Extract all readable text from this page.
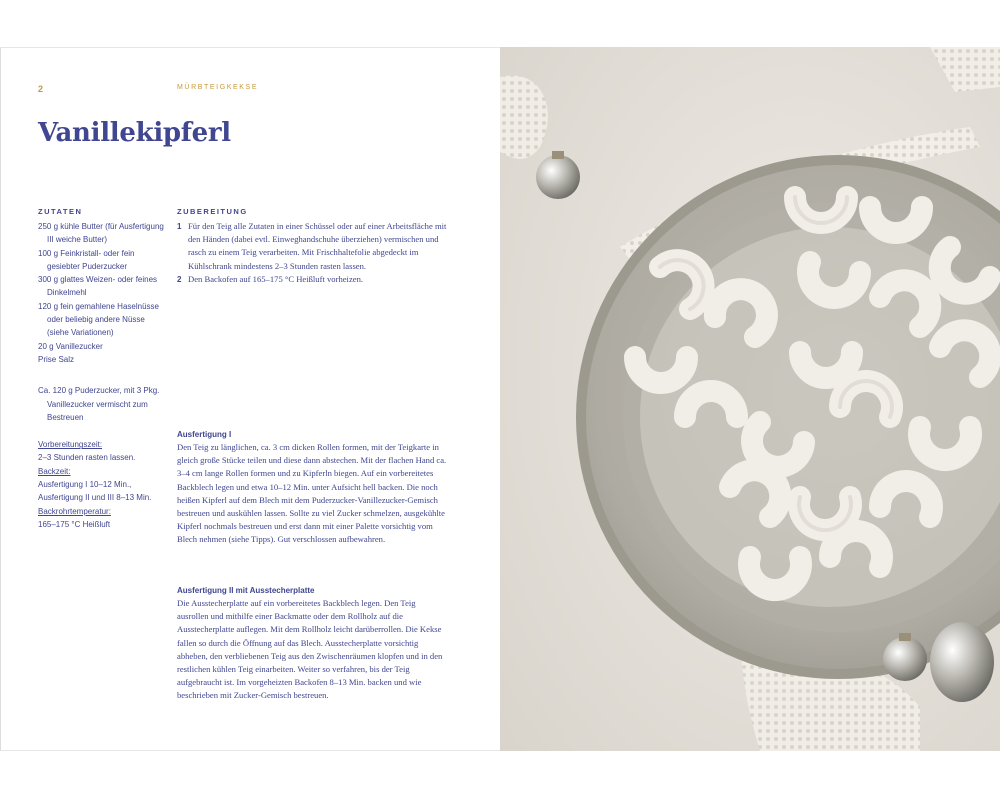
2	MÜRBTEIGKEKSE
Vanillekipferl
ZUTATEN
250 g kühle Butter (für Ausfertigung III weiche Butter)
100 g Feinkristall- oder fein gesiebter Puderzucker
300 g glattes Weizen- oder feines Dinkelmehl
120 g fein gemahlene Haselnüsse oder beliebig andere Nüsse (siehe Variationen)
20 g Vanillezucker
Prise Salz
Ca. 120 g Puderzucker, mit 3 Pkg. Vanillezucker vermischt zum Bestreuen
Vorbereitungszeit:
2–3 Stunden rasten lassen.
Backzeit:
Ausfertigung I 10–12 Min.,
Ausfertigung II und III 8–13 Min.
Backrohrtemperatur:
165–175 °C Heißluft
ZUBEREITUNG
1 Für den Teig alle Zutaten in einer Schüssel oder auf einer Arbeitsfläche mit den Händen (dabei evtl. Einweghandschuhe überziehen) vermischen und rasch zu einem Teig verarbeiten. Mit Frischhaltefolie abgedeckt im Kühlschrank mindestens 2–3 Stunden rasten lassen.
2 Den Backofen auf 165–175 °C Heißluft vorheizen.
Ausfertigung I
Den Teig zu länglichen, ca. 3 cm dicken Rollen formen, mit der Teigkarte in gleich große Stücke teilen und diese dann abstechen. Mit der flachen Hand ca. 3–4 cm lange Rollen formen und zu Kipferln biegen. Auf ein vorbereitetes Backblech legen und etwa 10–12 Min. unter Aufsicht hell backen. Die noch heißen Kipferl auf dem Blech mit dem Puderzucker-Vanillezucker-Gemisch bestreuen und auskühlen lassen. Sollte zu viel Zucker schmelzen, ausgekühlte Kipferl nochmals bestreuen und erst dann mit einer Palette vorsichtig vom Blech nehmen (siehe Tipps). Gut verschlossen aufbewahren.
Ausfertigung II mit Ausstecherplatte
Die Ausstecherplatte auf ein vorbereitetes Backblech legen. Den Teig ausrollen und mithilfe einer Backmatte oder dem Rollholz auf die Ausstecherplatte auflegen. Mit dem Rollholz leicht darüberrollen. Die Kekse fallen so durch die Öffnung auf das Blech. Ausstecherplatte vorsichtig abheben, den verbliebenen Teig aus den Zwischenräumen klopfen und in den restlichen kühlen Teig einarbeiten. Weiter so verfahren, bis der Teig aufgebraucht ist. Im vorgeheizten Backofen 8–13 Min. backen und wie beschrieben mit Zucker-Gemisch bestreuen.
